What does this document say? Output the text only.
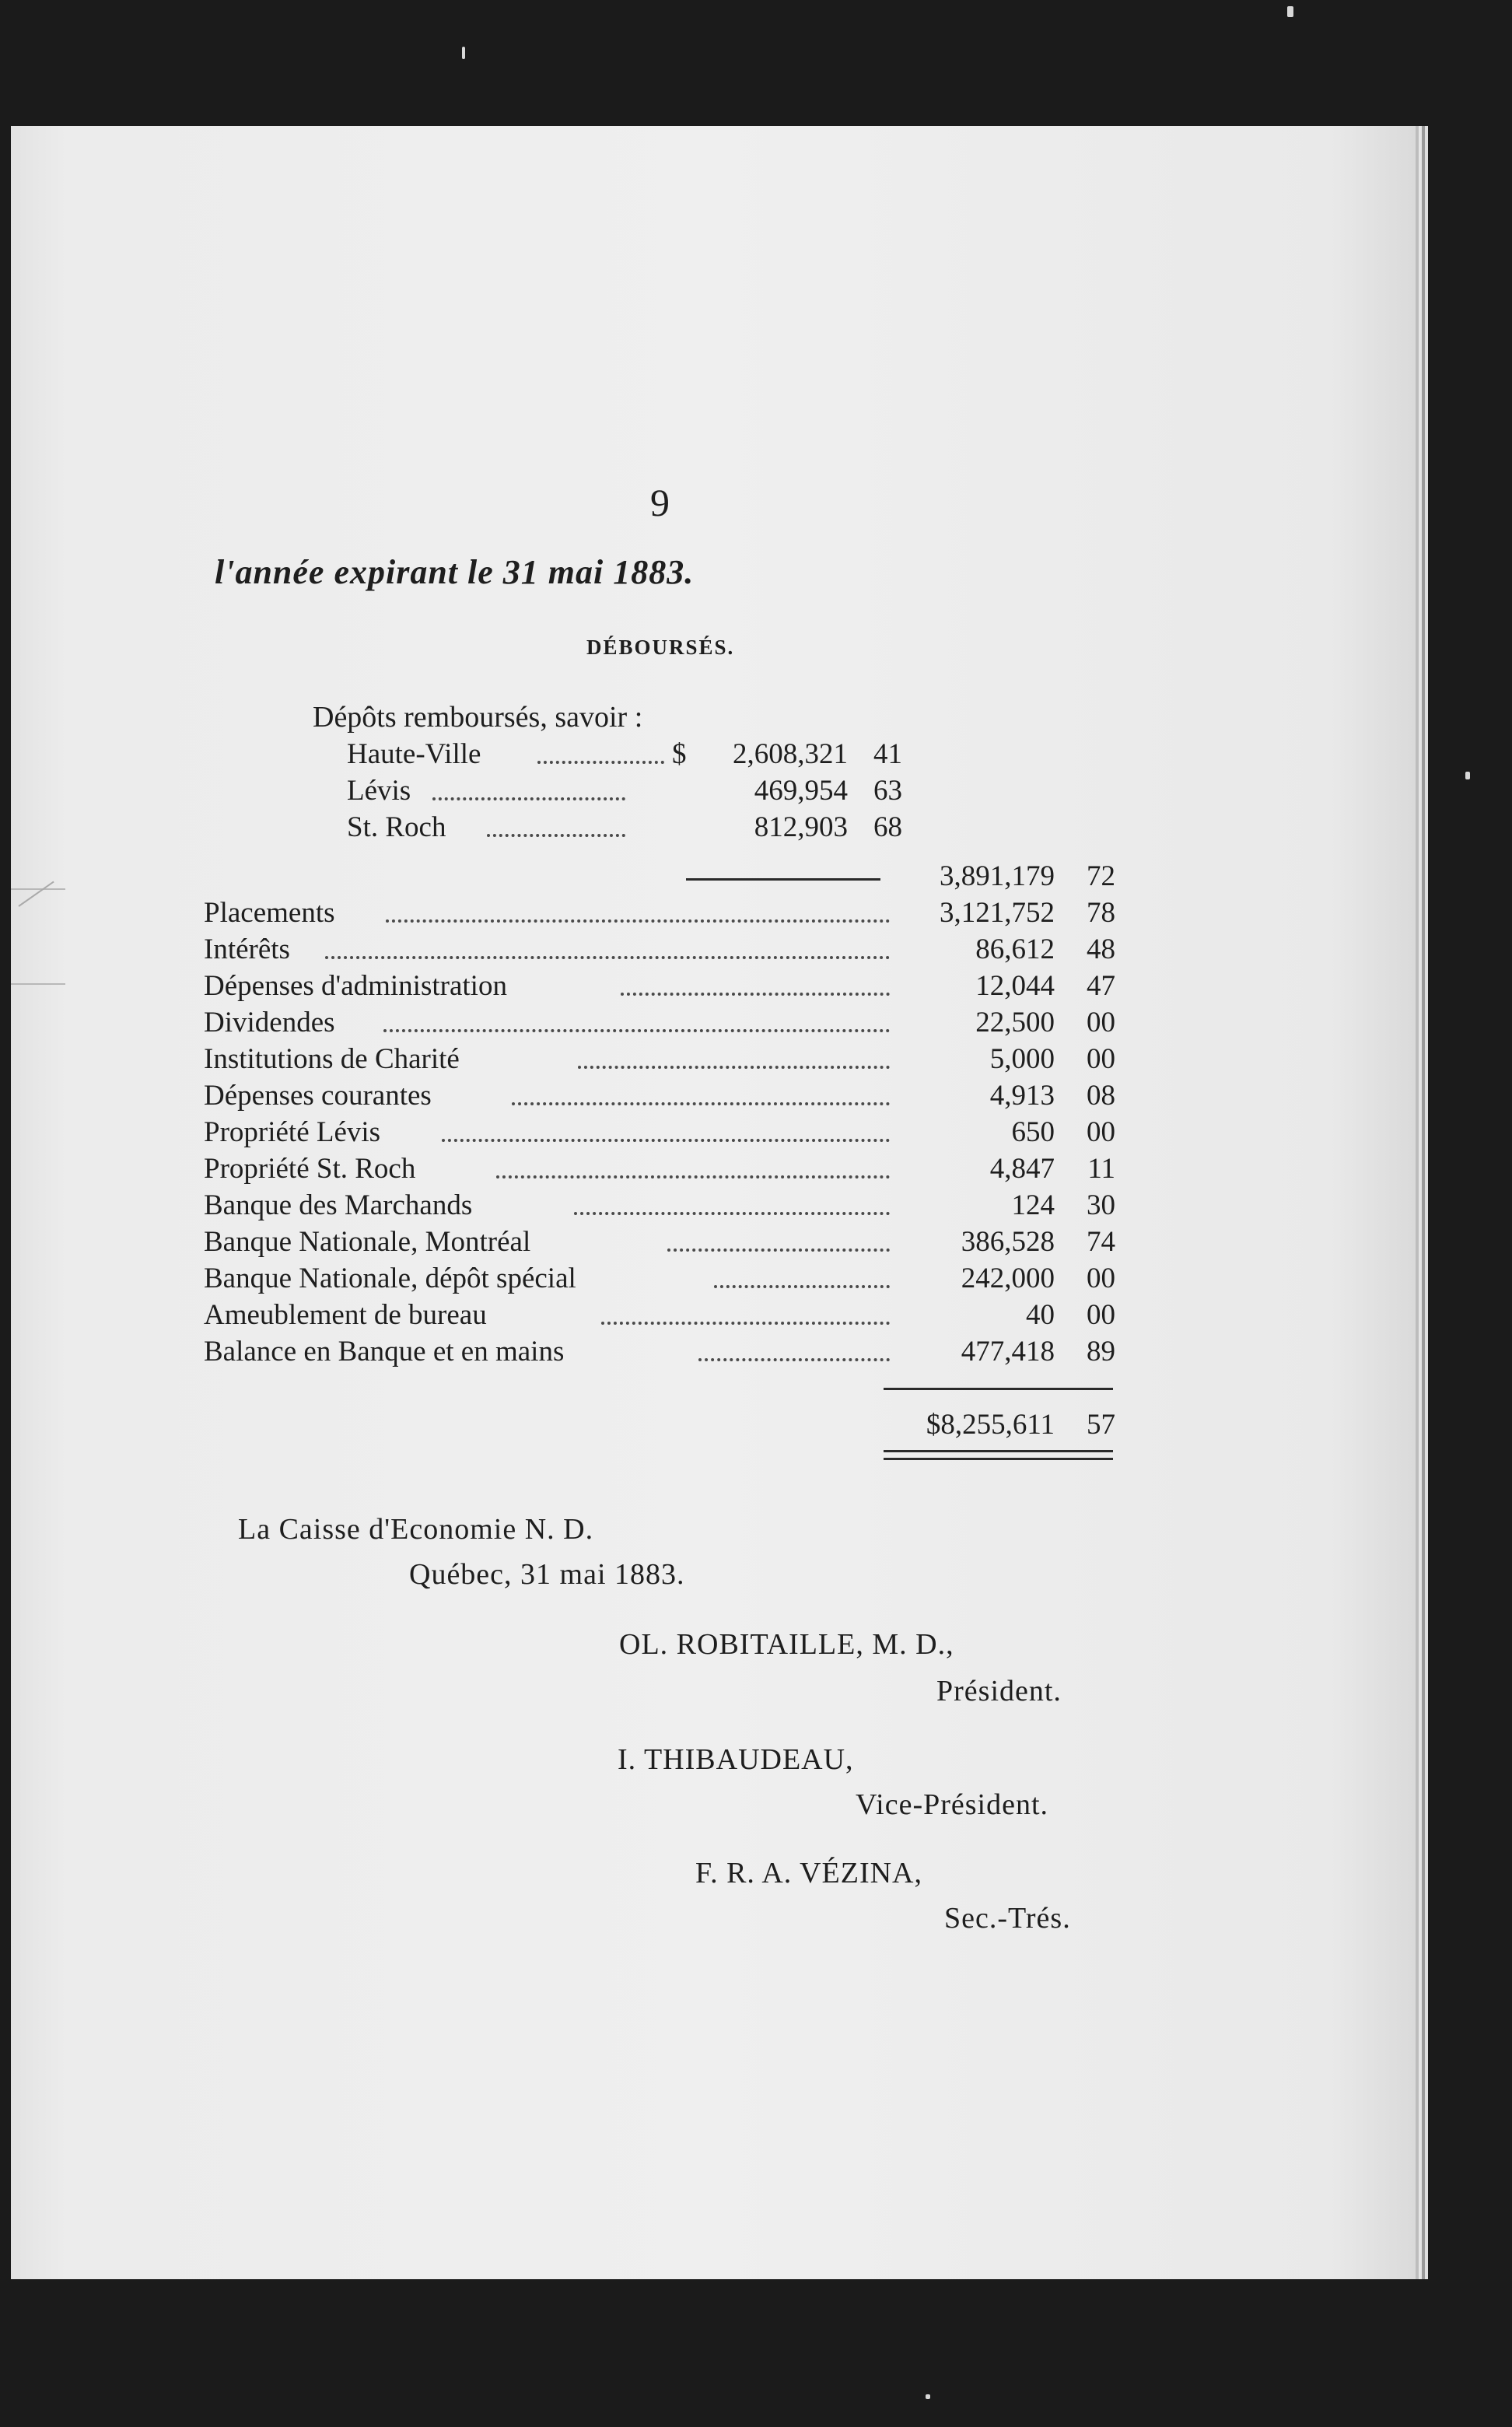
9
l'année expirant le 31 mai 1883.
DÉBOURSÉS.
Dépôts remboursés, savoir :
Haute-Ville	$	2,608,321 41
Lévis	469,954 63
St. Roch	812,903 68
3,891,179	72
Placements	3,121,752	78
Intérêts	86,612	48
Dépenses d'administration	12,044	47
Dividendes	22,500	00
Institutions de Charité	5,000	00
Dépenses courantes	4,913	08
Propriété Lévis	650	00
Propriété St. Roch	4,847	11
Banque des Marchands	124	30
Banque Nationale, Montréal	386,528	74
Banque Nationale, dépôt spécial	242,000	00
Ameublement de bureau	40	00
Balance en Banque et en mains	477,418	89
$8,255,611	57
La Caisse d'Economie N. D.
Québec, 31 mai 1883.
OL. ROBITAILLE, M. D.,
Président.
I. THIBAUDEAU,
Vice-Président.
F. R. A. VÉZINA,
Sec.-Trés.
